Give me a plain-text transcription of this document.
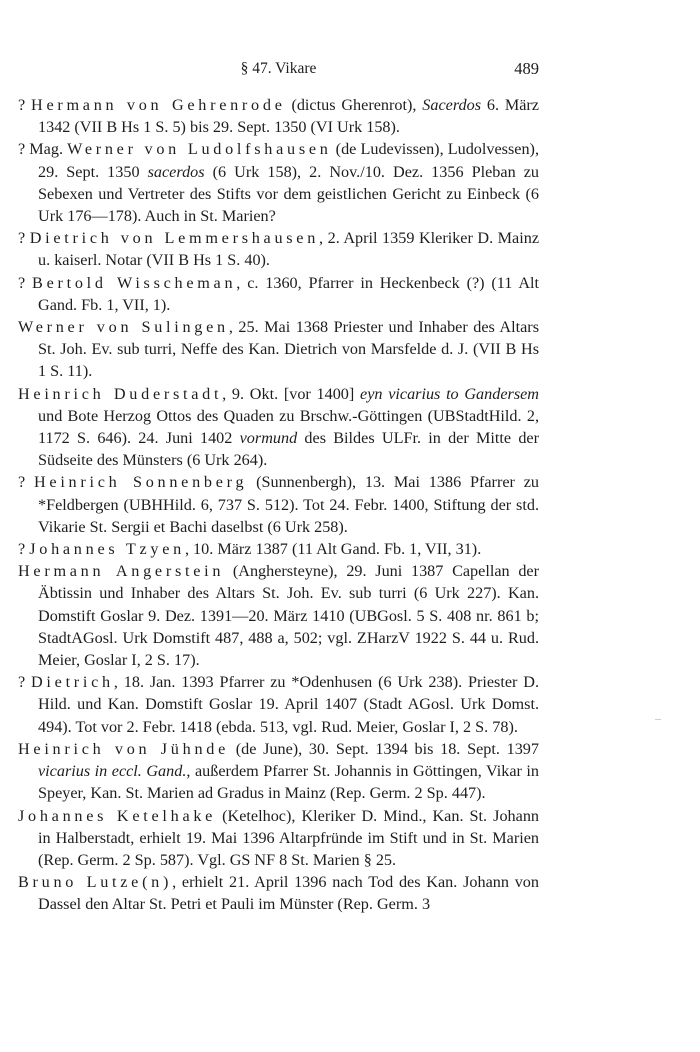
§ 47. Vikare	489

? Hermann von Gehrenrode (dictus Gherenrot), Sacerdos 6. März 1342 (VII B Hs 1 S. 5) bis 29. Sept. 1350 (VI Urk 158).

? Mag. Werner von Ludolfshausen (de Ludevissen), Ludolvessen), 29. Sept. 1350 sacerdos (6 Urk 158), 2. Nov./10. Dez. 1356 Pleban zu Sebexen und Vertreter des Stifts vor dem geistlichen Gericht zu Einbeck (6 Urk 176—178). Auch in St. Marien?

? Dietrich von Lemmershausen, 2. April 1359 Kleriker D. Mainz u. kaiserl. Notar (VII B Hs 1 S. 40).

? Bertold Wisscheman, c. 1360, Pfarrer in Heckenbeck (?) (11 Alt Gand. Fb. 1, VII, 1).

Werner von Sulingen, 25. Mai 1368 Priester und Inhaber des Altars St. Joh. Ev. sub turri, Neffe des Kan. Dietrich von Marsfelde d. J. (VII B Hs 1 S. 11).

Heinrich Duderstadt, 9. Okt. [vor 1400] eyn vicarius to Gandersem und Bote Herzog Ottos des Quaden zu Brschw.-Göttingen (UBStadtHild. 2, 1172 S. 646). 24. Juni 1402 vormund des Bildes ULFr. in der Mitte der Südseite des Münsters (6 Urk 264).

? Heinrich Sonnenberg (Sunnenbergh), 13. Mai 1386 Pfarrer zu *Feldbergen (UBHHild. 6, 737 S. 512). Tot 24. Febr. 1400, Stiftung der std. Vikarie St. Sergii et Bachi daselbst (6 Urk 258).

? Johannes Tzyen, 10. März 1387 (11 Alt Gand. Fb. 1, VII, 31).

Hermann Angerstein (Anghersteyne), 29. Juni 1387 Capellan der Äbtissin und Inhaber des Altars St. Joh. Ev. sub turri (6 Urk 227). Kan. Domstift Goslar 9. Dez. 1391—20. März 1410 (UBGosl. 5 S. 408 nr. 861 b; StadtAGosl. Urk Domstift 487, 488 a, 502; vgl. ZHarzV 1922 S. 44 u. Rud. Meier, Goslar I, 2 S. 17).

? Dietrich, 18. Jan. 1393 Pfarrer zu *Odenhusen (6 Urk 238). Priester D. Hild. und Kan. Domstift Goslar 19. April 1407 (Stadt AGosl. Urk Domst. 494). Tot vor 2. Febr. 1418 (ebda. 513, vgl. Rud. Meier, Goslar I, 2 S. 78).

Heinrich von Jühnde (de June), 30. Sept. 1394 bis 18. Sept. 1397 vicarius in eccl. Gand., außerdem Pfarrer St. Johannis in Göttingen, Vikar in Speyer, Kan. St. Marien ad Gradus in Mainz (Rep. Germ. 2 Sp. 447).

Johannes Ketelhake (Ketelhoc), Kleriker D. Mind., Kan. St. Johann in Halberstadt, erhielt 19. Mai 1396 Altarpfründe im Stift und in St. Marien (Rep. Germ. 2 Sp. 587). Vgl. GS NF 8 St. Marien § 25.

Bruno Lutze(n), erhielt 21. April 1396 nach Tod des Kan. Johann von Dassel den Altar St. Petri et Pauli im Münster (Rep. Germ. 3
